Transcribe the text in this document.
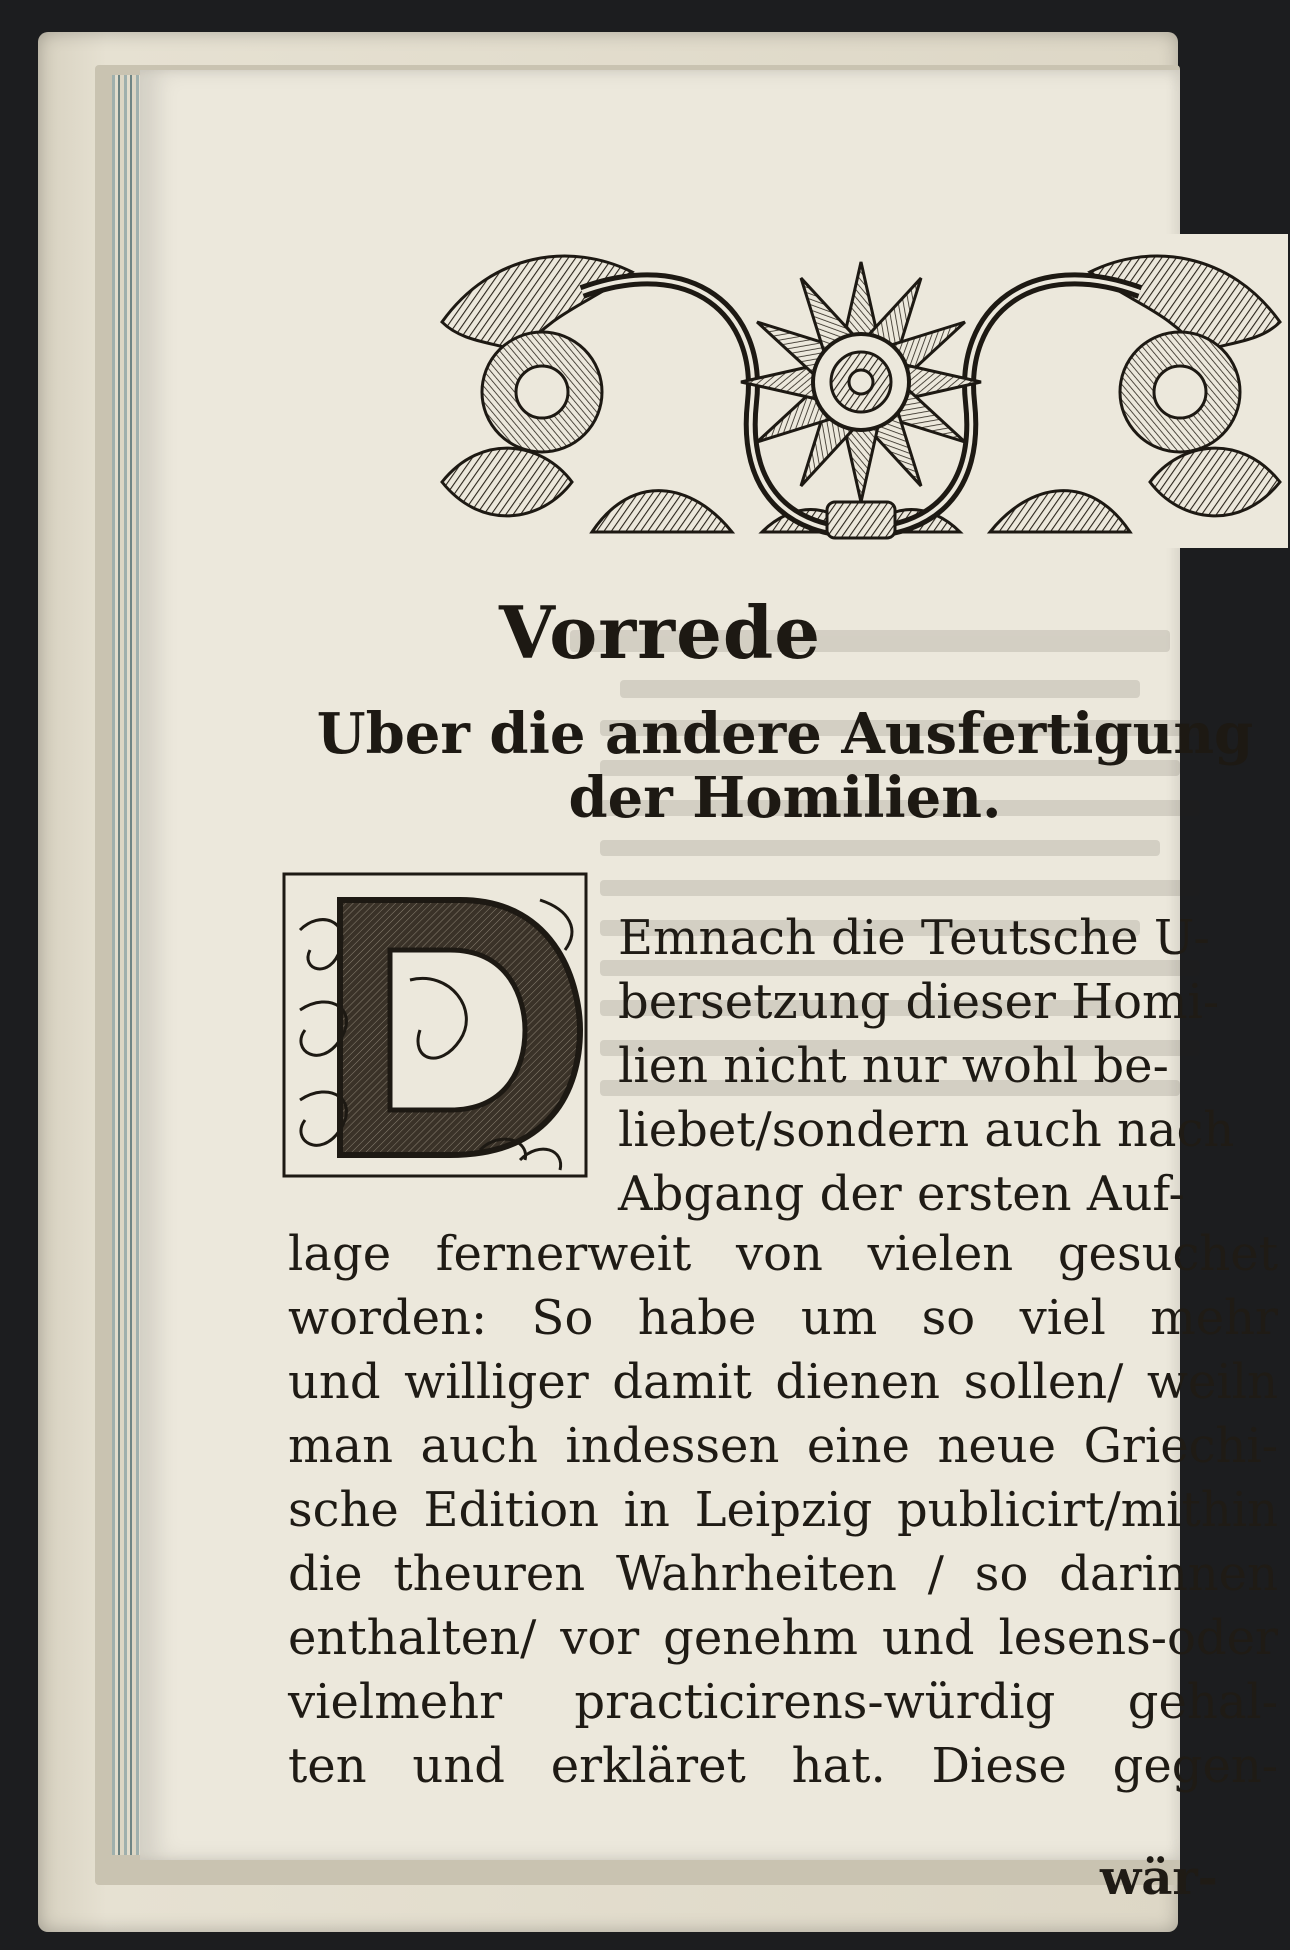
Vorrede
Uber die andere Ausfertigung
der Homilien.
Emnach die Teutsche U-
bersetzung dieser Homi-
lien nicht nur wohl be-
liebet/sondern auch nach
Abgang der ersten Auf-
lage fernerweit von vielen gesuchet
worden: So habe um so viel mehr
und williger damit dienen sollen/ weiln
man auch indessen eine neue Griechi-
sche Edition in Leipzig publicirt/mithin
die theuren Wahrheiten / so darinnen
enthalten/ vor genehm und lesens-oder
vielmehr practicirens-würdig gehal-
ten und erkläret hat. Diese gegen-
wär-
